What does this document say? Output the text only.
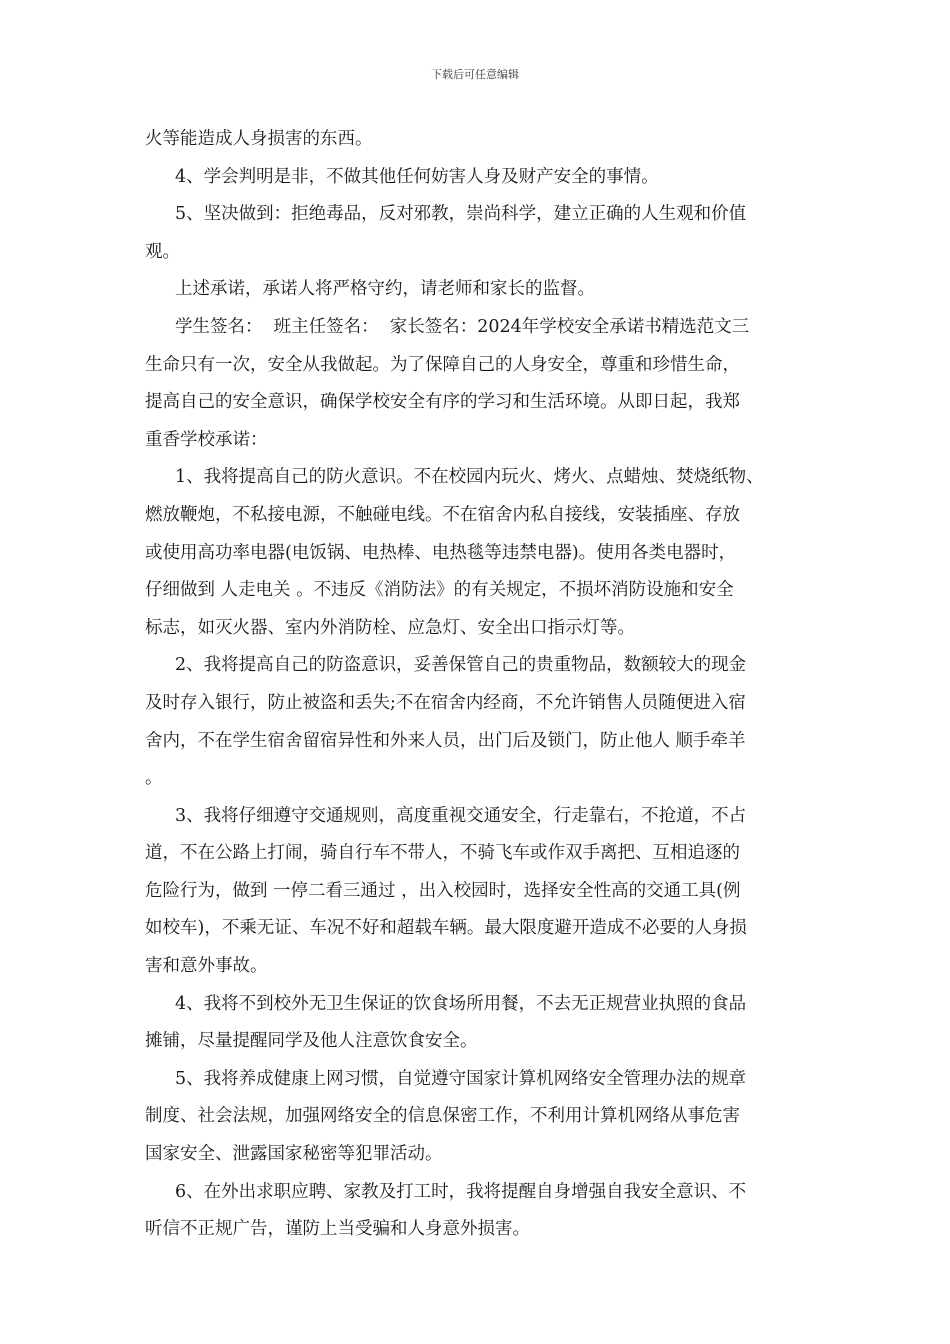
下载后可任意编辑
火等能造成人身损害的东西。
4、学会判明是非，不做其他任何妨害人身及财产安全的事情。
5、坚决做到：拒绝毒品，反对邪教，崇尚科学，建立正确的人生观和价值
观。
上述承诺，承诺人将严格守约，请老师和家长的监督。
学生签名：  班主任签名：  家长签名：2024年学校安全承诺书精选范文三
生命只有一次，安全从我做起。为了保障自己的人身安全，尊重和珍惜生命，
提高自己的安全意识，确保学校安全有序的学习和生活环境。从即日起，我郑
重香学校承诺：
1、我将提高自己的防火意识。不在校园内玩火、烤火、点蜡烛、焚烧纸物、
燃放鞭炮，不私接电源，不触碰电线。不在宿舍内私自接线，安装插座、存放
或使用高功率电器(电饭锅、电热棒、电热毯等违禁电器)。使用各类电器时，
仔细做到 人走电关 。不违反《消防法》的有关规定，不损坏消防设施和安全
标志，如灭火器、室内外消防栓、应急灯、安全出口指示灯等。
2、我将提高自己的防盗意识，妥善保管自己的贵重物品，数额较大的现金
及时存入银行，防止被盗和丢失;不在宿舍内经商，不允许销售人员随便进入宿
舍内，不在学生宿舍留宿异性和外来人员，出门后及锁门，防止他人 顺手牵羊
。
3、我将仔细遵守交通规则，高度重视交通安全，行走靠右，不抢道，不占
道，不在公路上打闹，骑自行车不带人，不骑飞车或作双手离把、互相追逐的
危险行为，做到 一停二看三通过 ，出入校园时，选择安全性高的交通工具(例
如校车)，不乘无证、车况不好和超载车辆。最大限度避开造成不必要的人身损
害和意外事故。
4、我将不到校外无卫生保证的饮食场所用餐，不去无正规营业执照的食品
摊铺，尽量提醒同学及他人注意饮食安全。
5、我将养成健康上网习惯，自觉遵守国家计算机网络安全管理办法的规章
制度、社会法规，加强网络安全的信息保密工作，不利用计算机网络从事危害
国家安全、泄露国家秘密等犯罪活动。
6、在外出求职应聘、家教及打工时，我将提醒自身增强自我安全意识、不
听信不正规广告，谨防上当受骗和人身意外损害。
